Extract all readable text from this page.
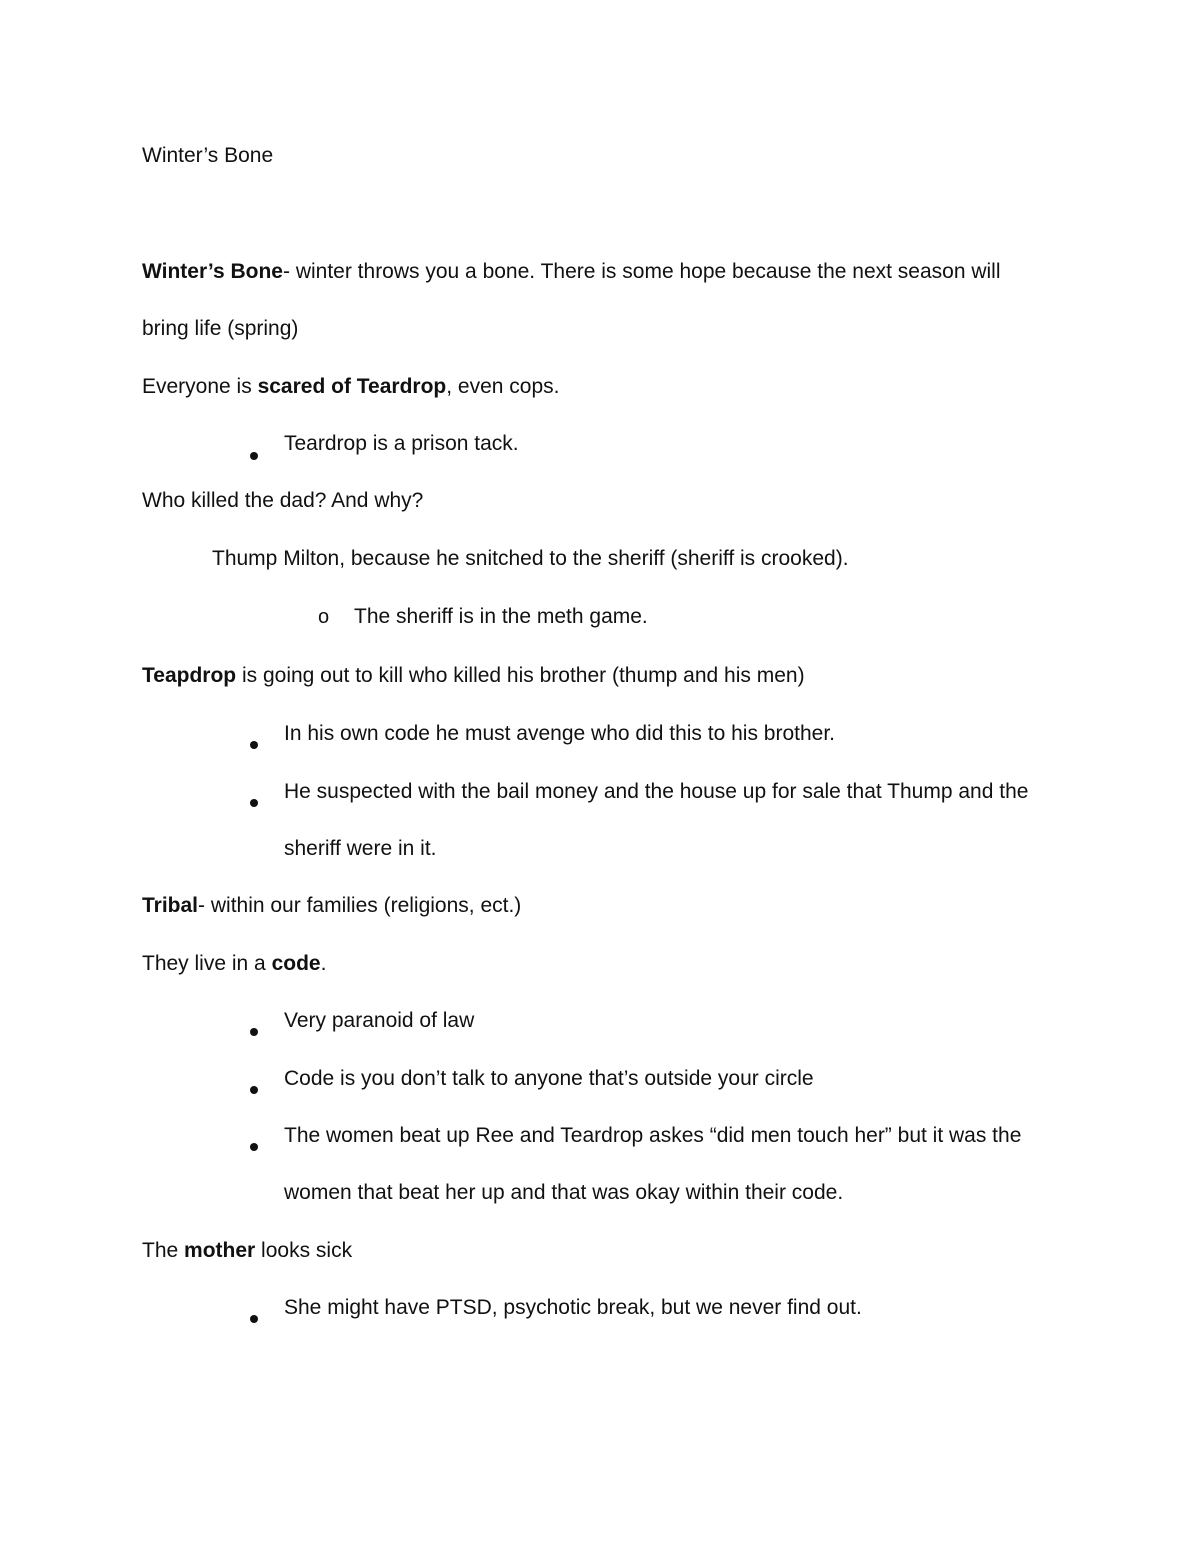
Winter’s Bone
Winter’s Bone- winter throws you a bone. There is some hope because the next season will
bring life (spring)
Everyone is scared of Teardrop, even cops.
Teardrop is a prison tack.
Who killed the dad? And why?
Thump Milton, because he snitched to the sheriff (sheriff is crooked).
o The sheriff is in the meth game.
Teapdrop is going out to kill who killed his brother (thump and his men)
In his own code he must avenge who did this to his brother.
He suspected with the bail money and the house up for sale that Thump and the
sheriff were in it.
Tribal- within our families (religions, ect.)
They live in a code.
Very paranoid of law
Code is you don’t talk to anyone that’s outside your circle
The women beat up Ree and Teardrop askes “did men touch her” but it was the
women that beat her up and that was okay within their code.
The mother looks sick
She might have PTSD, psychotic break, but we never find out.
